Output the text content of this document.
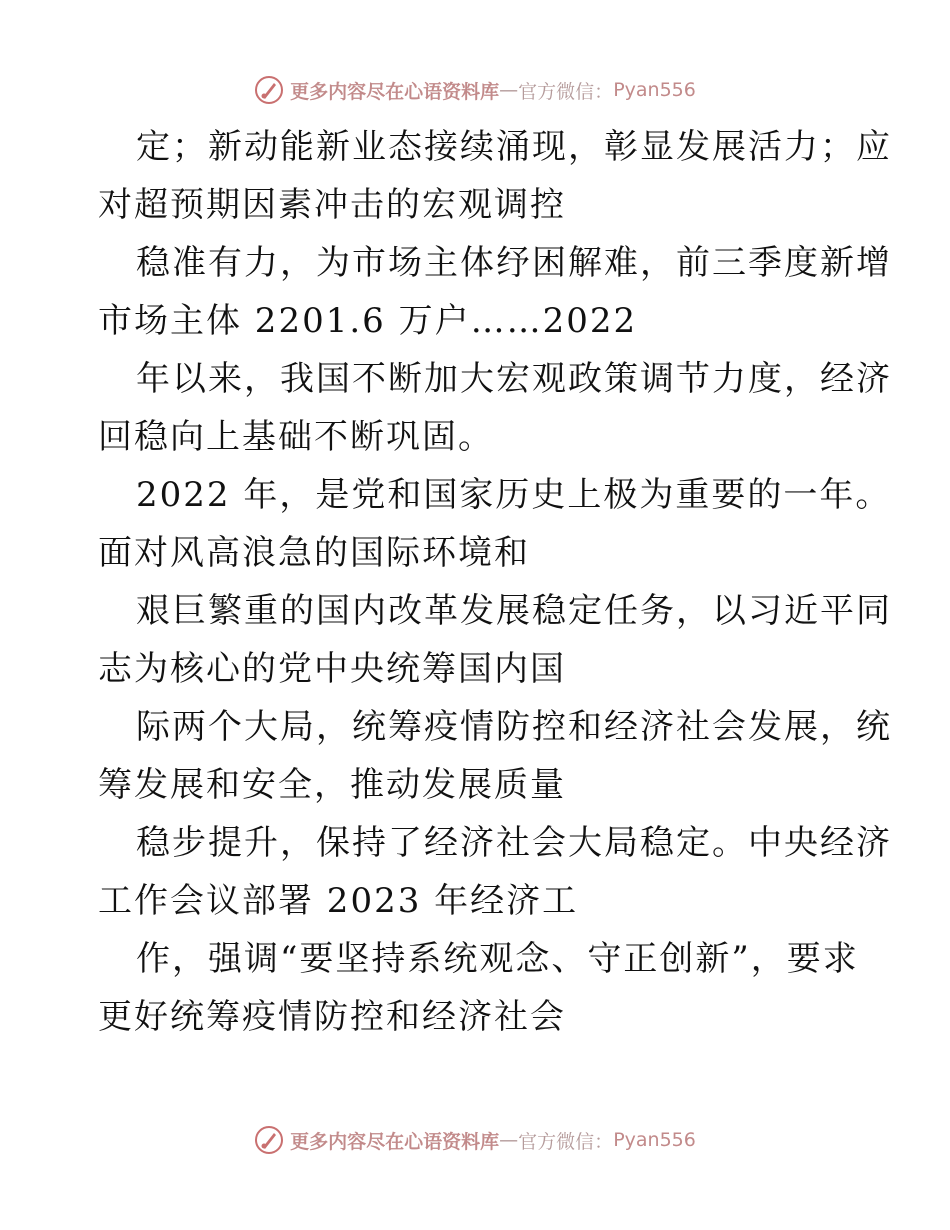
更多内容尽在心语资料库 — 官方微信： Pyan556
定；新动能新业态接续涌现，彰显发展活力；应
对超预期因素冲击的宏观调控
稳准有力，为市场主体纾困解难，前三季度新增
市场主体 2201.6 万户……2022
年以来，我国不断加大宏观政策调节力度，经济
回稳向上基础不断巩固。
2022 年，是党和国家历史上极为重要的一年。
面对风高浪急的国际环境和
艰巨繁重的国内改革发展稳定任务，以习近平同
志为核心的党中央统筹国内国
际两个大局，统筹疫情防控和经济社会发展，统
筹发展和安全，推动发展质量
稳步提升，保持了经济社会大局稳定。中央经济
工作会议部署 2023 年经济工
作，强调“要坚持系统观念、守正创新”，要求
更好统筹疫情防控和经济社会
更多内容尽在心语资料库 — 官方微信： Pyan556
